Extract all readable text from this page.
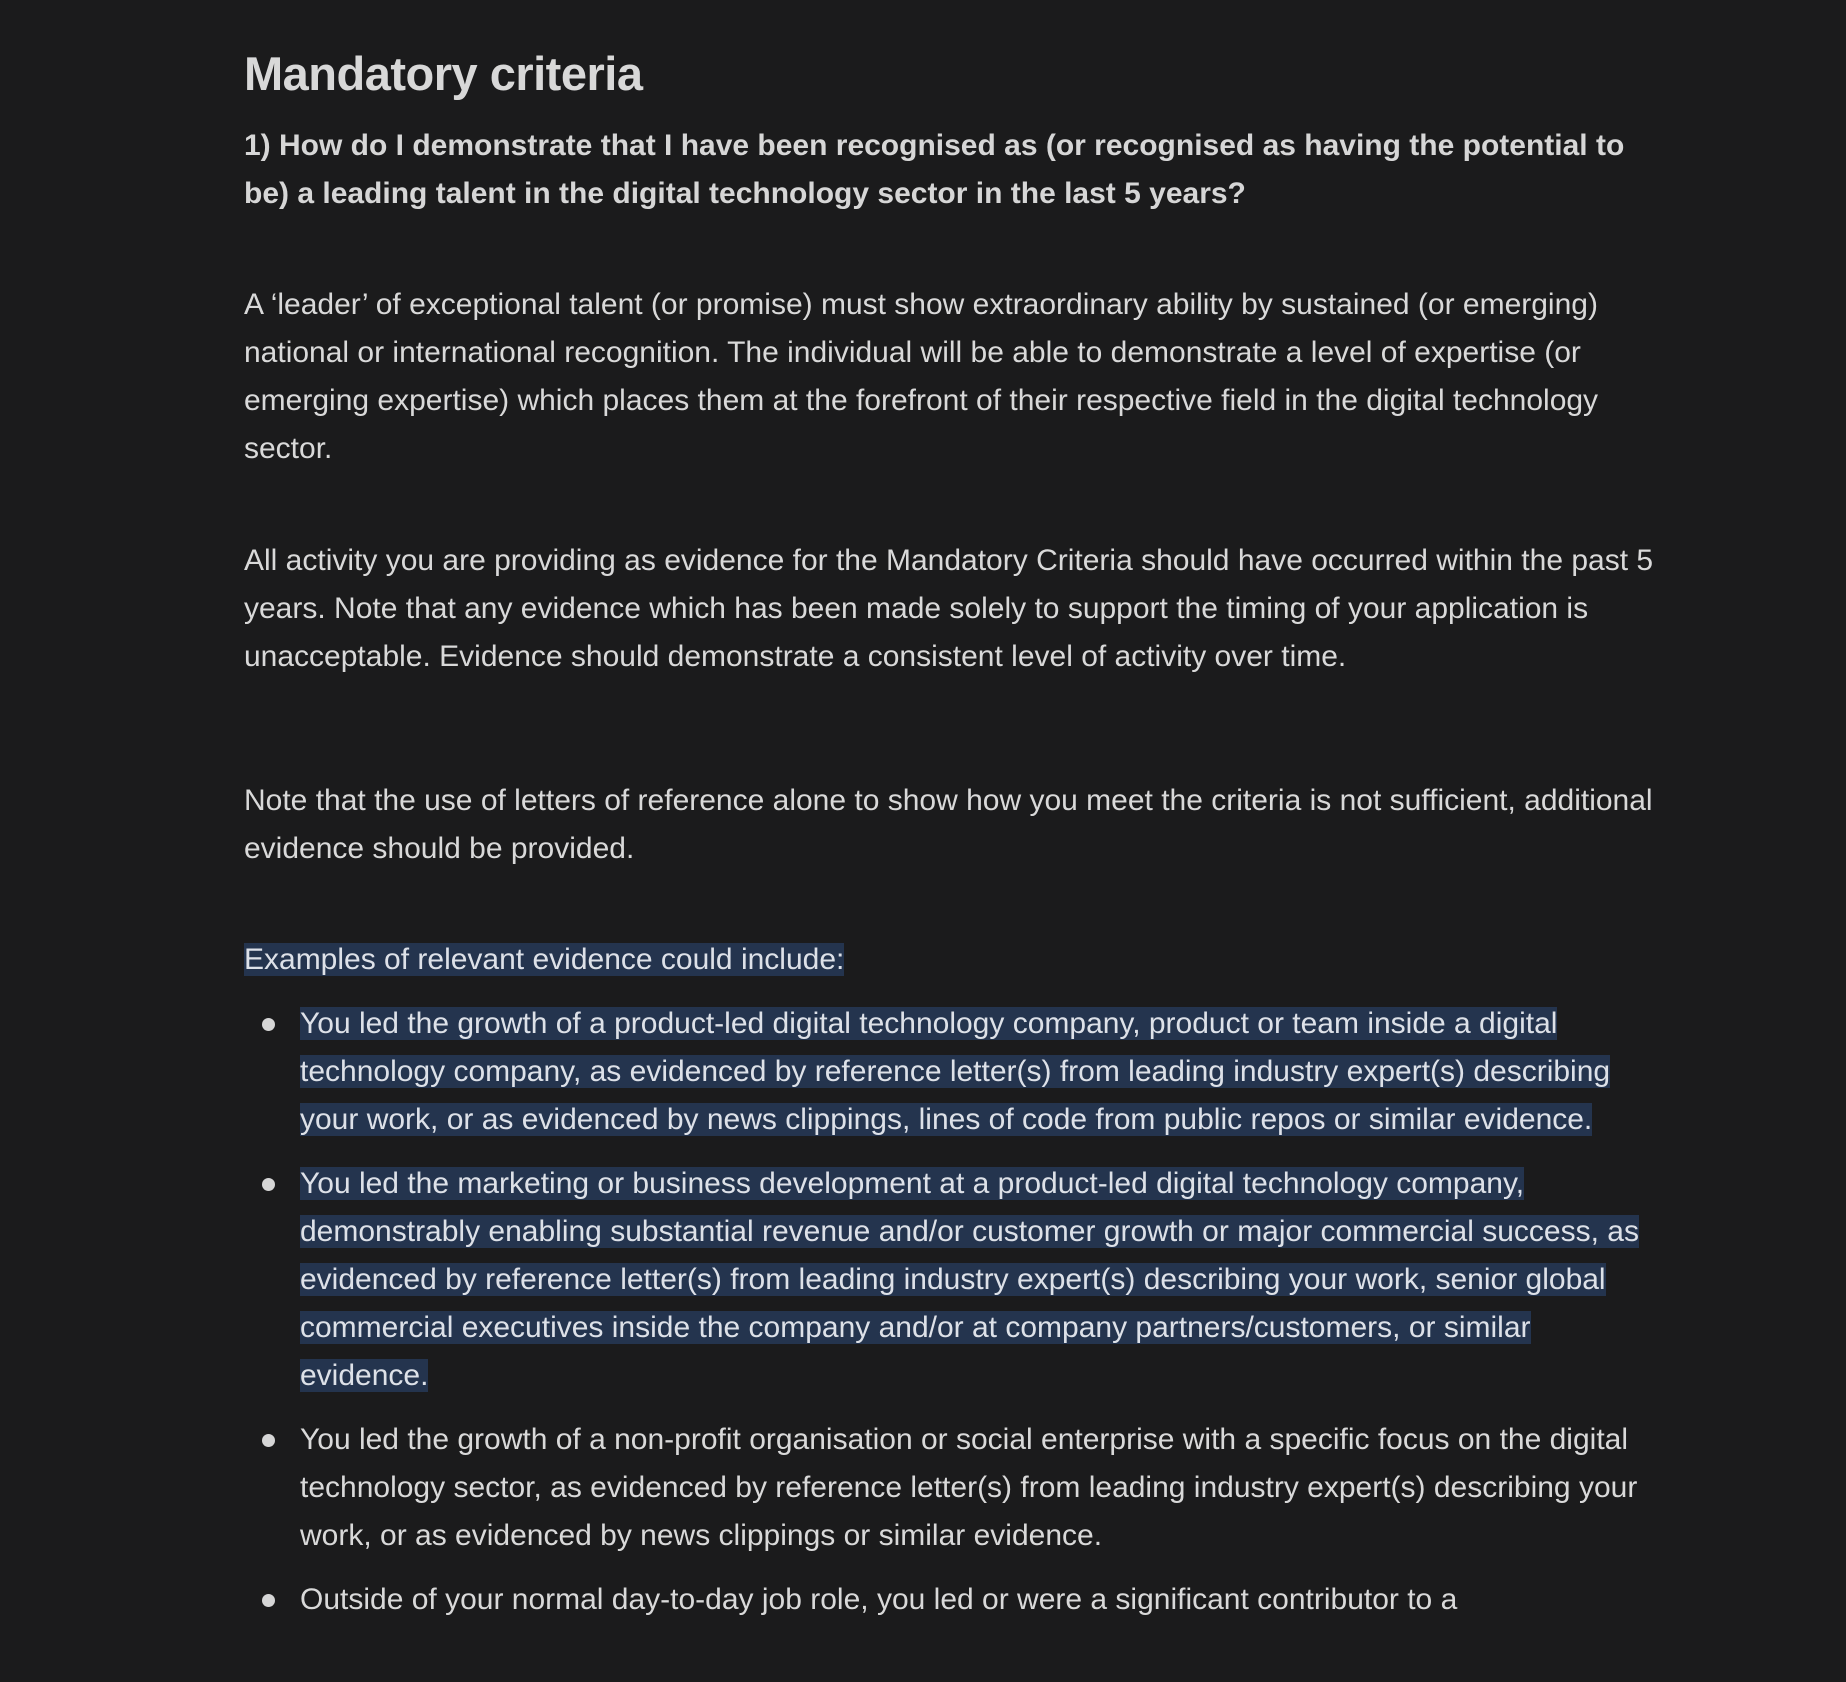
Mandatory criteria
1) How do I demonstrate that I have been recognised as (or recognised as having the potential to be) a leading talent in the digital technology sector in the last 5 years?

A ‘leader’ of exceptional talent (or promise) must show extraordinary ability by sustained (or emerging) national or international recognition. The individual will be able to demonstrate a level of expertise (or emerging expertise) which places them at the forefront of their respective field in the digital technology sector.

All activity you are providing as evidence for the Mandatory Criteria should have occurred within the past 5 years. Note that any evidence which has been made solely to support the timing of your application is unacceptable. Evidence should demonstrate a consistent level of activity over time.

Note that the use of letters of reference alone to show how you meet the criteria is not sufficient, additional evidence should be provided.

Examples of relevant evidence could include:

You led the growth of a product-led digital technology company, product or team inside a digital technology company, as evidenced by reference letter(s) from leading industry expert(s) describing your work, or as evidenced by news clippings, lines of code from public repos or similar evidence.
You led the marketing or business development at a product-led digital technology company, demonstrably enabling substantial revenue and/or customer growth or major commercial success, as evidenced by reference letter(s) from leading industry expert(s) describing your work, senior global commercial executives inside the company and/or at company partners/customers, or similar evidence.
You led the growth of a non-profit organisation or social enterprise with a specific focus on the digital technology sector, as evidenced by reference letter(s) from leading industry expert(s) describing your work, or as evidenced by news clippings or similar evidence.
Outside of your normal day-to-day job role, you led or were a significant contributor to a
